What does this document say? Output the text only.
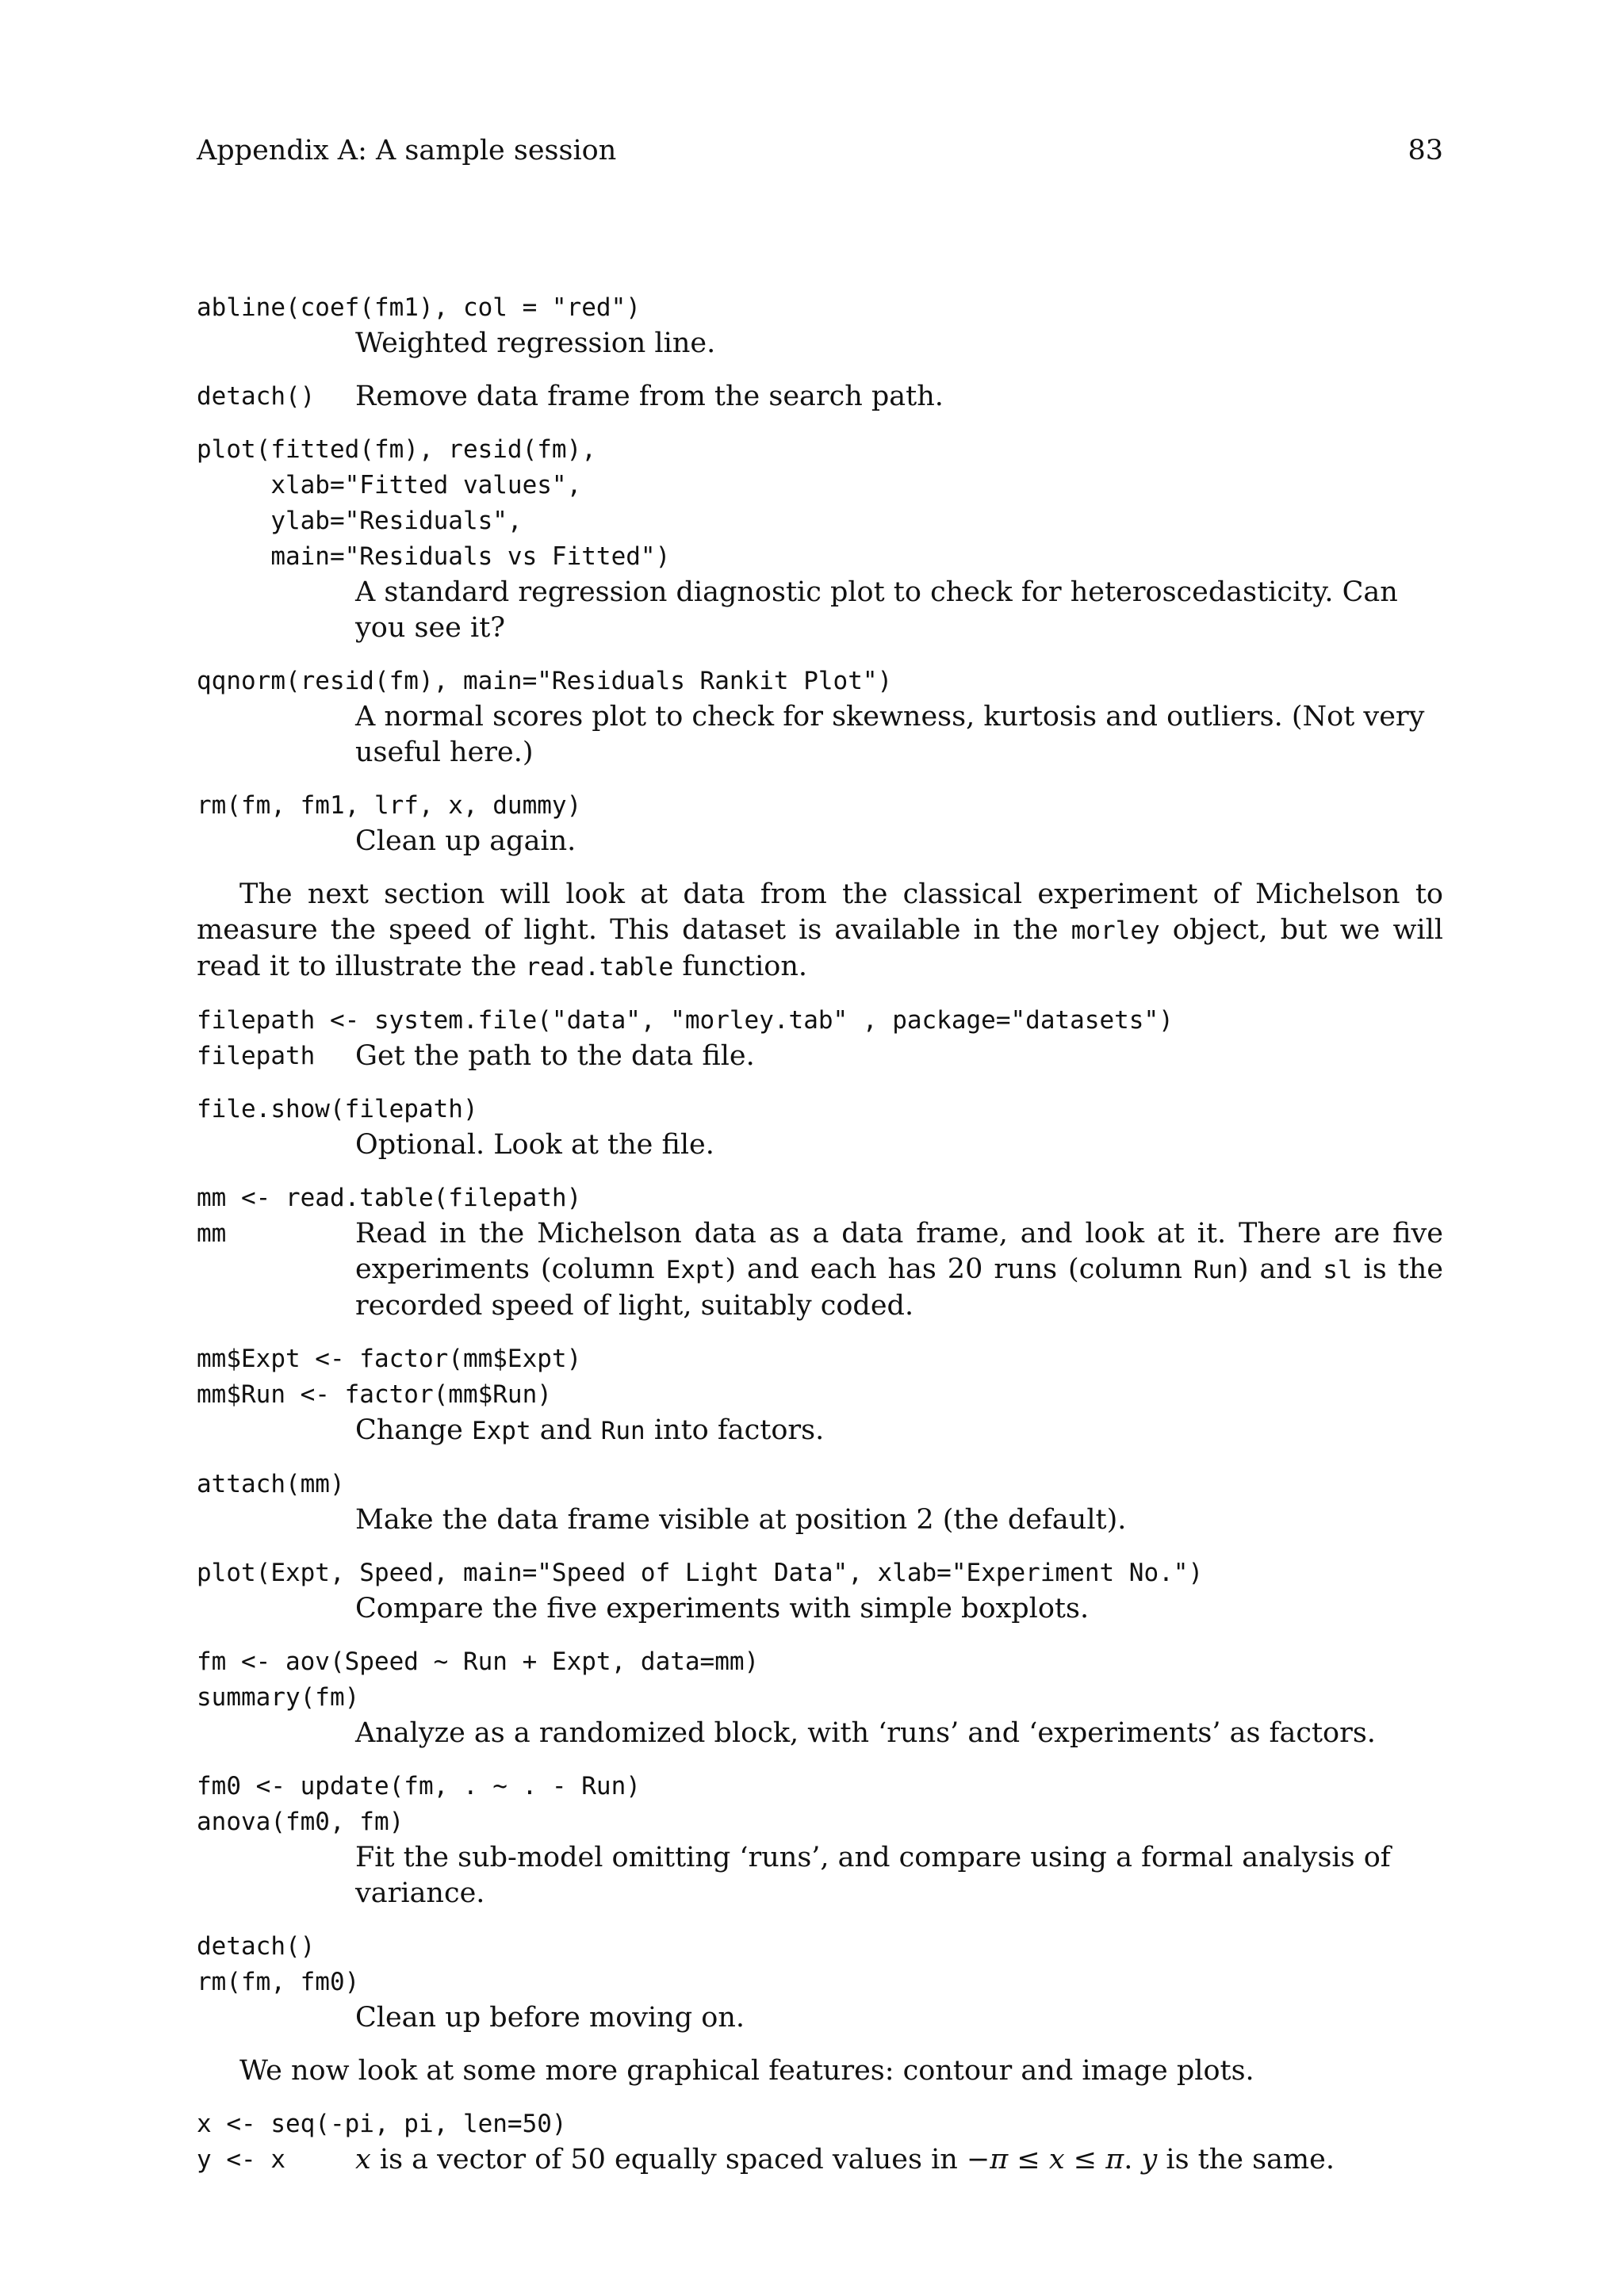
Appendix A: A sample session	83
abline(coef(fm1), col = "red")
Weighted regression line.
detach()	Remove data frame from the search path.
plot(fitted(fm), resid(fm),
xlab="Fitted values",
ylab="Residuals",
main="Residuals vs Fitted")
A standard regression diagnostic plot to check for heteroscedasticity. Can you see it?
qqnorm(resid(fm), main="Residuals Rankit Plot")
A normal scores plot to check for skewness, kurtosis and outliers. (Not very useful here.)
rm(fm, fm1, lrf, x, dummy)
Clean up again.

The next section will look at data from the classical experiment of Michelson to measure the speed of light. This dataset is available in the morley object, but we will read it to illustrate the read.table function.

filepath <- system.file("data", "morley.tab" , package="datasets")
filepath	Get the path to the data file.
file.show(filepath)
Optional. Look at the file.
mm <- read.table(filepath)
mm	Read in the Michelson data as a data frame, and look at it. There are five experiments (column Expt) and each has 20 runs (column Run) and sl is the recorded speed of light, suitably coded.
mm$Expt <- factor(mm$Expt)
mm$Run <- factor(mm$Run)
Change Expt and Run into factors.
attach(mm)
Make the data frame visible at position 2 (the default).
plot(Expt, Speed, main="Speed of Light Data", xlab="Experiment No.")
Compare the five experiments with simple boxplots.
fm <- aov(Speed ~ Run + Expt, data=mm)
summary(fm)
Analyze as a randomized block, with ‘runs’ and ‘experiments’ as factors.
fm0 <- update(fm, . ~ . - Run)
anova(fm0, fm)
Fit the sub-model omitting ‘runs’, and compare using a formal analysis of variance.
detach()
rm(fm, fm0)
Clean up before moving on.

We now look at some more graphical features: contour and image plots.

x <- seq(-pi, pi, len=50)
y <- x	x is a vector of 50 equally spaced values in −π ≤ x ≤ π. y is the same.
